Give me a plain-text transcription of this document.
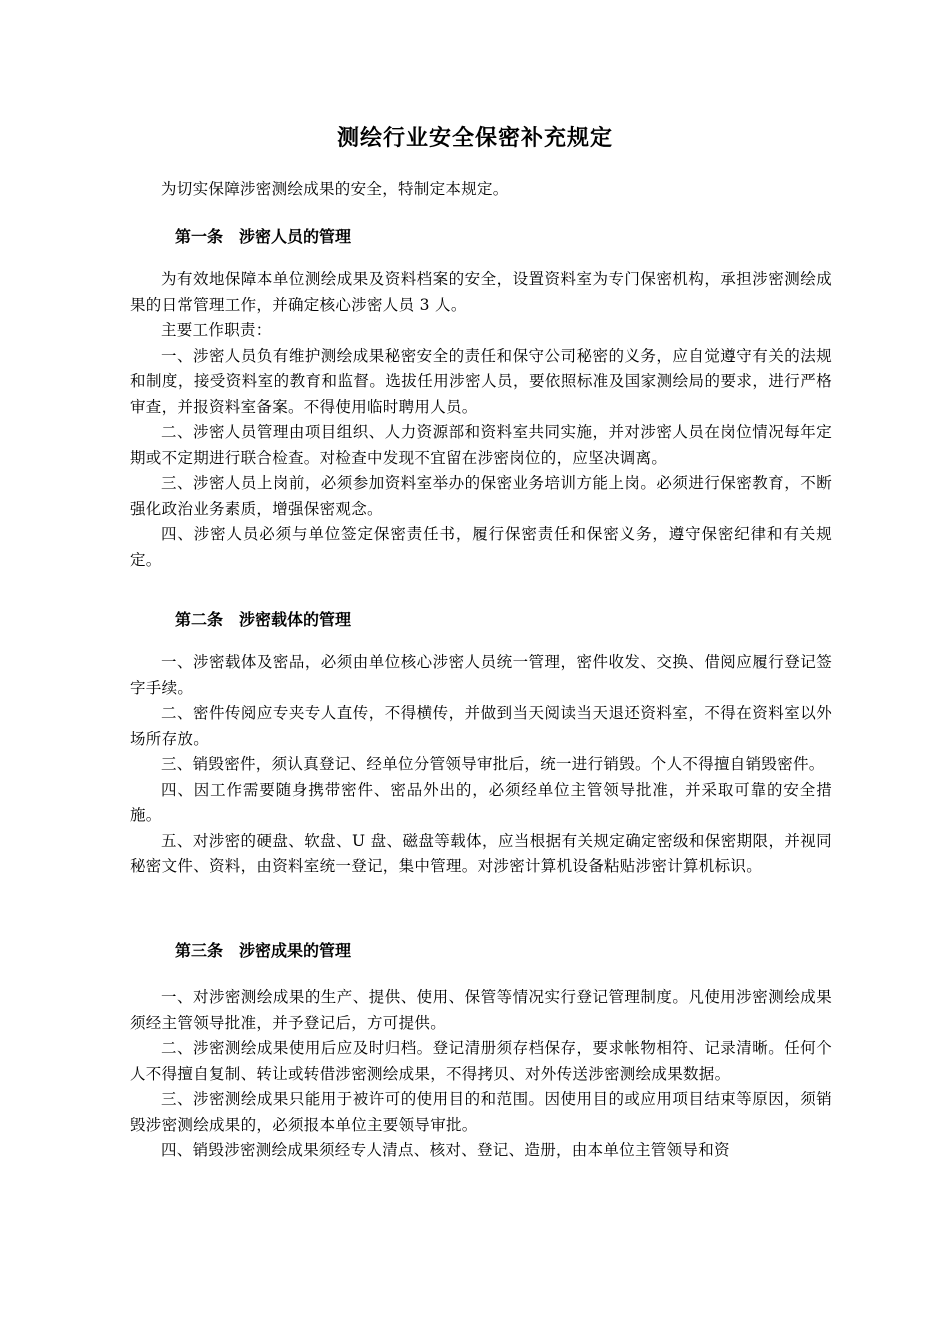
测绘行业安全保密补充规定

为切实保障涉密测绘成果的安全，特制定本规定。

第一条　涉密人员的管理

为有效地保障本单位测绘成果及资料档案的安全，设置资料室为专门保密机构，承担涉密测绘成果的日常管理工作，并确定核心涉密人员 3 人。

主要工作职责：

一、涉密人员负有维护测绘成果秘密安全的责任和保守公司秘密的义务，应自觉遵守有关的法规和制度，接受资料室的教育和监督。选拔任用涉密人员，要依照标准及国家测绘局的要求，进行严格审查，并报资料室备案。不得使用临时聘用人员。

二、涉密人员管理由项目组织、人力资源部和资料室共同实施，并对涉密人员在岗位情况每年定期或不定期进行联合检查。对检查中发现不宜留在涉密岗位的，应坚决调离。

三、涉密人员上岗前，必须参加资料室举办的保密业务培训方能上岗。必须进行保密教育，不断强化政治业务素质，增强保密观念。

四、涉密人员必须与单位签定保密责任书，履行保密责任和保密义务，遵守保密纪律和有关规定。

第二条　涉密载体的管理

一、涉密载体及密品，必须由单位核心涉密人员统一管理，密件收发、交换、借阅应履行登记签字手续。

二、密件传阅应专夹专人直传，不得横传，并做到当天阅读当天退还资料室，不得在资料室以外场所存放。

三、销毁密件，须认真登记、经单位分管领导审批后，统一进行销毁。个人不得擅自销毁密件。

四、因工作需要随身携带密件、密品外出的，必须经单位主管领导批准，并采取可靠的安全措施。

五、对涉密的硬盘、软盘、U 盘、磁盘等载体，应当根据有关规定确定密级和保密期限，并视同秘密文件、资料，由资料室统一登记，集中管理。对涉密计算机设备粘贴涉密计算机标识。

第三条　涉密成果的管理

一、对涉密测绘成果的生产、提供、使用、保管等情况实行登记管理制度。凡使用涉密测绘成果须经主管领导批准，并予登记后，方可提供。

二、涉密测绘成果使用后应及时归档。登记清册须存档保存，要求帐物相符、记录清晰。任何个人不得擅自复制、转让或转借涉密测绘成果，不得拷贝、对外传送涉密测绘成果数据。

三、涉密测绘成果只能用于被许可的使用目的和范围。因使用目的或应用项目结束等原因，须销毁涉密测绘成果的，必须报本单位主要领导审批。

四、销毁涉密测绘成果须经专人清点、核对、登记、造册，由本单位主管领导和资
